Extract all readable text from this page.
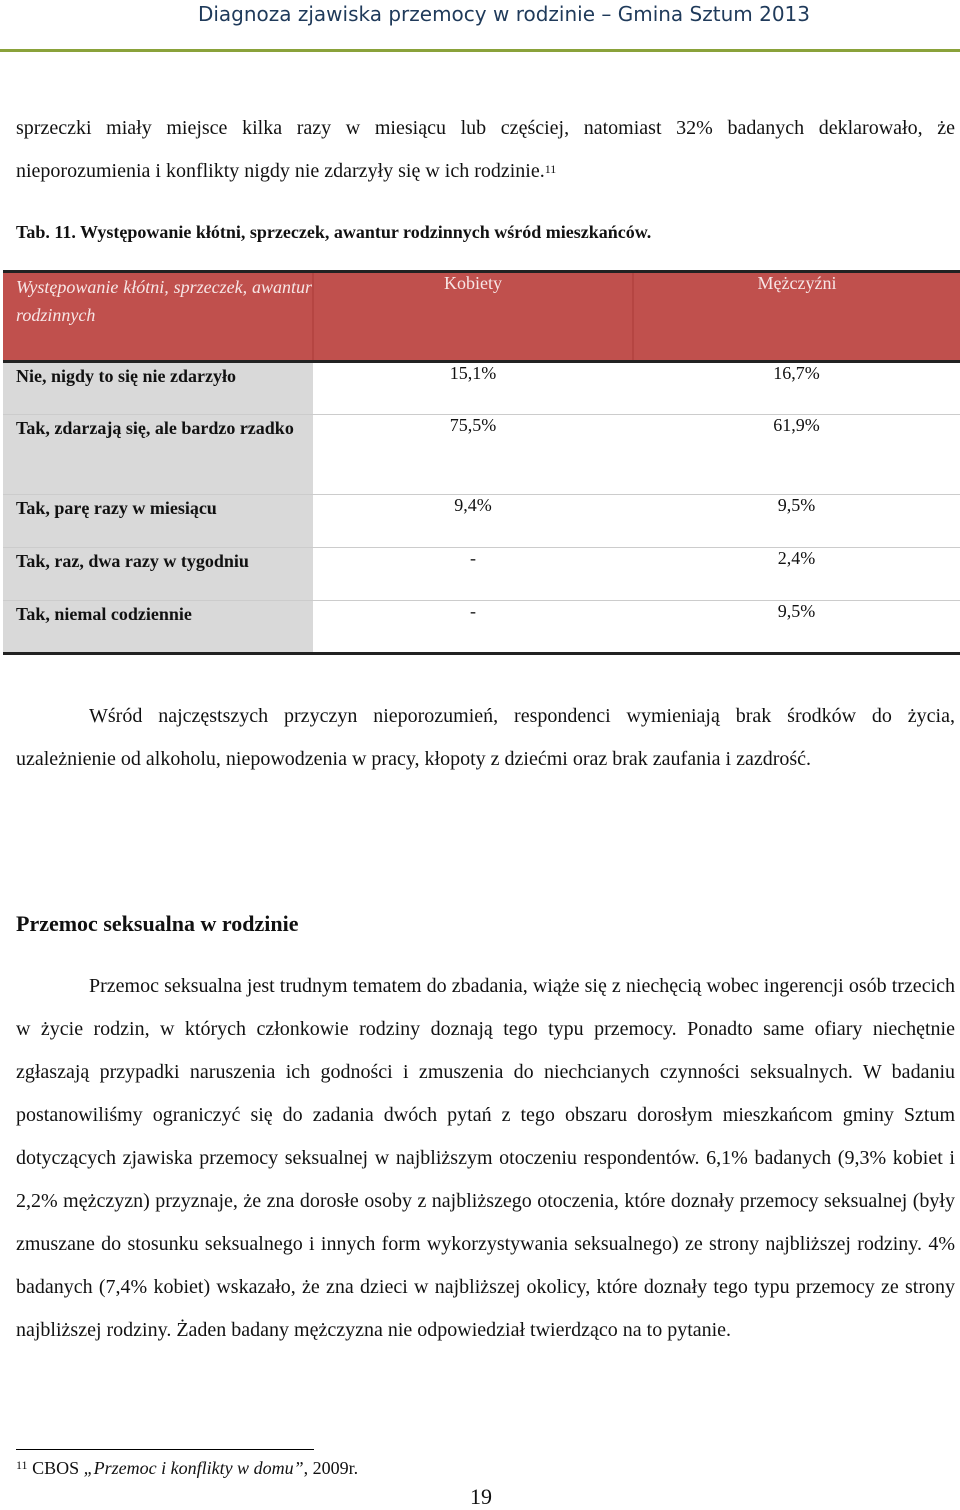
Diagnoza zjawiska przemocy w rodzinie – Gmina Sztum 2013

sprzeczki miały miejsce kilka razy w miesiącu lub częściej, natomiast 32% badanych deklarowało, że nieporozumienia i konflikty nigdy nie zdarzyły się w ich rodzinie.$^{11}$

Tab. 11. Występowanie kłótni, sprzeczek, awantur rodzinnych wśród mieszkańców.
Występowanie kłótni, sprzeczek, awantur rodzinnych	Kobiety	Mężczyźni
Nie, nigdy to się nie zdarzyło	15,1%	16,7%
Tak, zdarzają się, ale bardzo rzadko	75,5%	61,9%
Tak, parę razy w miesiącu	9,4%	9,5%
Tak, raz, dwa razy w tygodniu	-	2,4%
Tak, niemal codziennie	-	9,5%

Wśród najczęstszych przyczyn nieporozumień, respondenci wymieniają brak środków do życia, uzależnienie od alkoholu, niepowodzenia w pracy, kłopoty z dziećmi oraz brak zaufania i zazdrość.

Przemoc seksualna w rodzinie

Przemoc seksualna jest trudnym tematem do zbadania, wiąże się z niechęcią wobec ingerencji osób trzecich w życie rodzin, w których członkowie rodziny doznają tego typu przemocy. Ponadto same ofiary niechętnie zgłaszają przypadki naruszenia ich godności i zmuszenia do niechcianych czynności seksualnych. W badaniu postanowiliśmy ograniczyć się do zadania dwóch pytań z tego obszaru dorosłym mieszkańcom gminy Sztum dotyczących zjawiska przemocy seksualnej w najbliższym otoczeniu respondentów. 6,1% badanych (9,3% kobiet i 2,2% mężczyzn) przyznaje, że zna dorosłe osoby z najbliższego otoczenia, które doznały przemocy seksualnej (były zmuszane do stosunku seksualnego i innych form wykorzystywania seksualnego) ze strony najbliższej rodziny. 4% badanych (7,4% kobiet) wskazało, że zna dzieci w najbliższej okolicy, które doznały tego typu przemocy ze strony najbliższej rodziny. Żaden badany mężczyzna nie odpowiedział twierdząco na to pytanie.

$^{11}$ CBOS „Przemoc i konflikty w domu”, 2009r.
19
